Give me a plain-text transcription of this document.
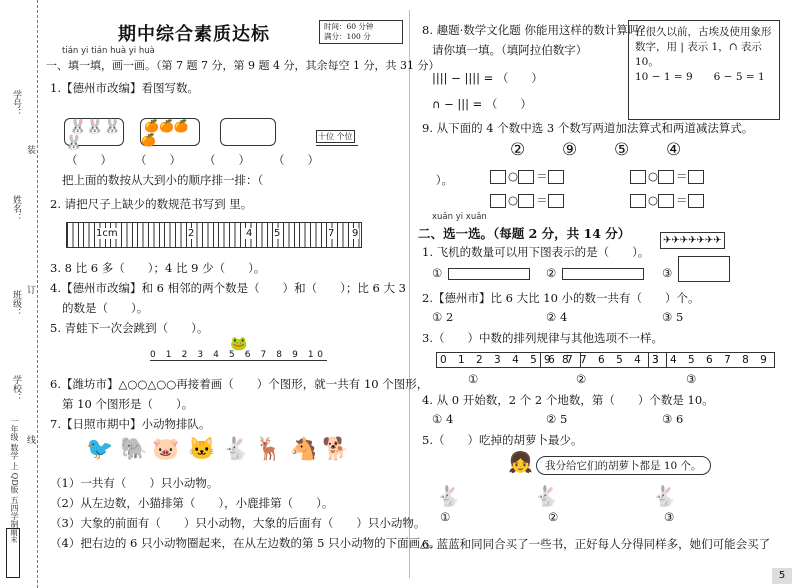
学号：
姓名：
班级：
学校：
装
订
线
一年级 数学 上 QD版 五四学制
期末
期中综合素质达标	时间：60 分钟
满分：100 分
tián yi tián huà yi huà
一、填一填，画一画。（第 7 题 7 分，第 9 题 4 分，其余每空 1 分，共 31 分）
1.【德州市改编】看图写数。
🐰🐰🐰🐰
🍊🍊🍊🍊	十位 个位
（　　）　　　（　　）　　　（　　）　　　（　　）
把上面的数按从大到小的顺序排一排：（　　　　　　　　　　　　　　　）。
2. 请把尺子上缺少的数规范书写到 里。
1cm	2	4 5	7 9
3. 8 比 6 多（　　）；4 比 9 少（　　）。
4.【德州市改编】和 6 相邻的两个数是（　　）和（　　）；比 6 大 3
的数是（　　）。
5. 青蛙下一次会跳到（　　）。
0 1 2 3 4 5 6 7 8 9 10
🐸
6.【潍坊市】△○○△○○再接着画（　　）个图形，就一共有 10 个图形，
第 10 个图形是（　　）。
7.【日照市期中】小动物排队。
🐦 🐘 🐷 🐱 🐇 🦌 🐴 🐕
（1）一共有（　　）只小动物。
（2）从左边数，小猫排第（　　），小鹿排第（　　）。
（3）大象的前面有（　　）只小动物，大象的后面有（　　）只小动物。
（4）把右边的 6 只小动物圈起来，在从左边数的第 5 只小动物的下面画△。
8. 趣题·数学文化题 你能用这样的数计算吗？
请你填一填。（填阿拉伯数字）
|||| − |||| = （　　）
∩ − ||| = （　　）
在很久以前，古埃及使用象形
数字，用 | 表示 1，∩ 表示 10。
10 − 1 = 9　　6 − 5 = 1
9. 从下面的 4 个数中选 3 个数写两道加法算式和两道减法算式。
② ⑨ ⑤ ④
○ ＝
○ ＝
○ ＝
○ ＝
xuǎn yi xuǎn
二、选一选。（每题 2 分，共 14 分）
1. 飞机的数量可以用下图表示的是（　　）。
✈✈✈✈✈✈✈
①	②	③
2.【德州市】比 6 大比 10 小的数一共有（　　）个。
① 2	② 4	③ 5
3.（　　）中数的排列规律与其他选项不一样。
0 1 2 3 4 5 6 7
9 8 7 6 5 4 3
3 4 5 6 7 8 9
①	②	③
4. 从 0 开始数，2 个 2 个地数，第（　　）个数是 10。
① 4	② 5	③ 6
5.（　　）吃掉的胡萝卜最少。
👧	我分给它们的胡萝卜都是 10 个。
🐇	🐇	🐇
①	②	③
6. 蓝蓝和同同合买了一些书，正好每人分得同样多，她们可能会买了
5
